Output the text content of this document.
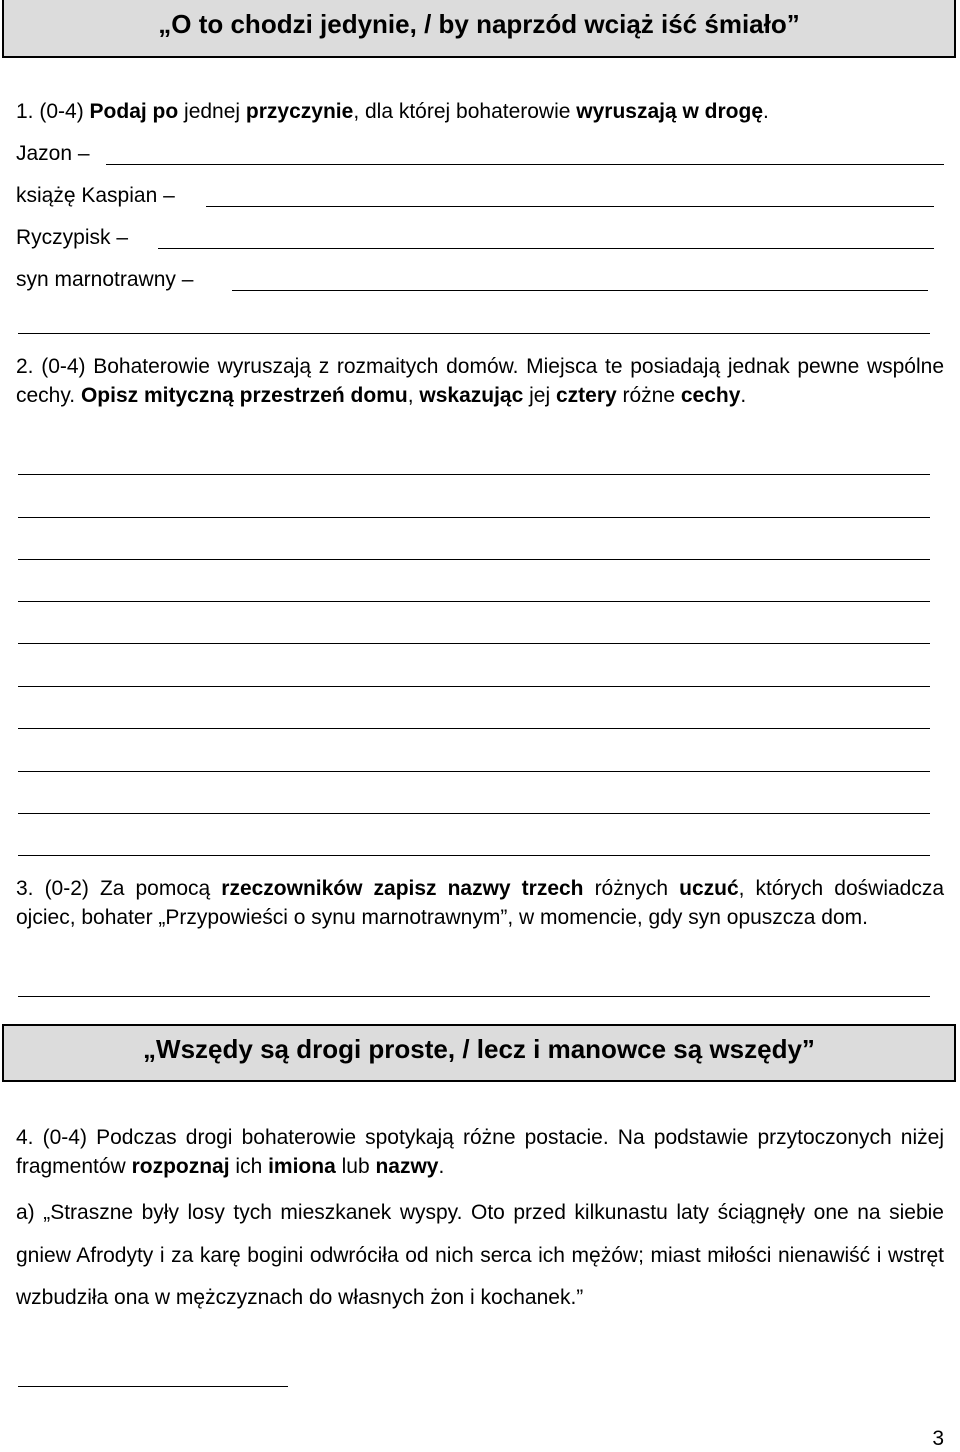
„O to chodzi jedynie, / by naprzód wciąż iść śmiało”
1. (0-4) Podaj po jednej przyczynie, dla której bohaterowie wyruszają w drogę.
Jazon –
książę Kaspian –
Ryczypisk –
syn marnotrawny –
2. (0-4) Bohaterowie wyruszają z rozmaitych domów. Miejsca te posiadają jednak pewne wspólne cechy. Opisz mityczną przestrzeń domu, wskazując jej cztery różne cechy.
3. (0-2) Za pomocą rzeczowników zapisz nazwy trzech różnych uczuć, których doświadcza ojciec, bohater „Przypowieści o synu marnotrawnym”, w momencie, gdy syn opuszcza dom.
„Wszędy są drogi proste, / lecz i manowce są wszędy”
4. (0-4) Podczas drogi bohaterowie spotykają różne postacie. Na podstawie przytoczonych niżej fragmentów rozpoznaj ich imiona lub nazwy.
a) „Straszne były losy tych mieszkanek wyspy. Oto przed kilkunastu laty ściągnęły one na siebie gniew Afrodyty i za karę bogini odwróciła od nich serca ich mężów; miast miłości nienawiść i wstręt wzbudziła ona w mężczyznach do własnych żon i kochanek.”
3
